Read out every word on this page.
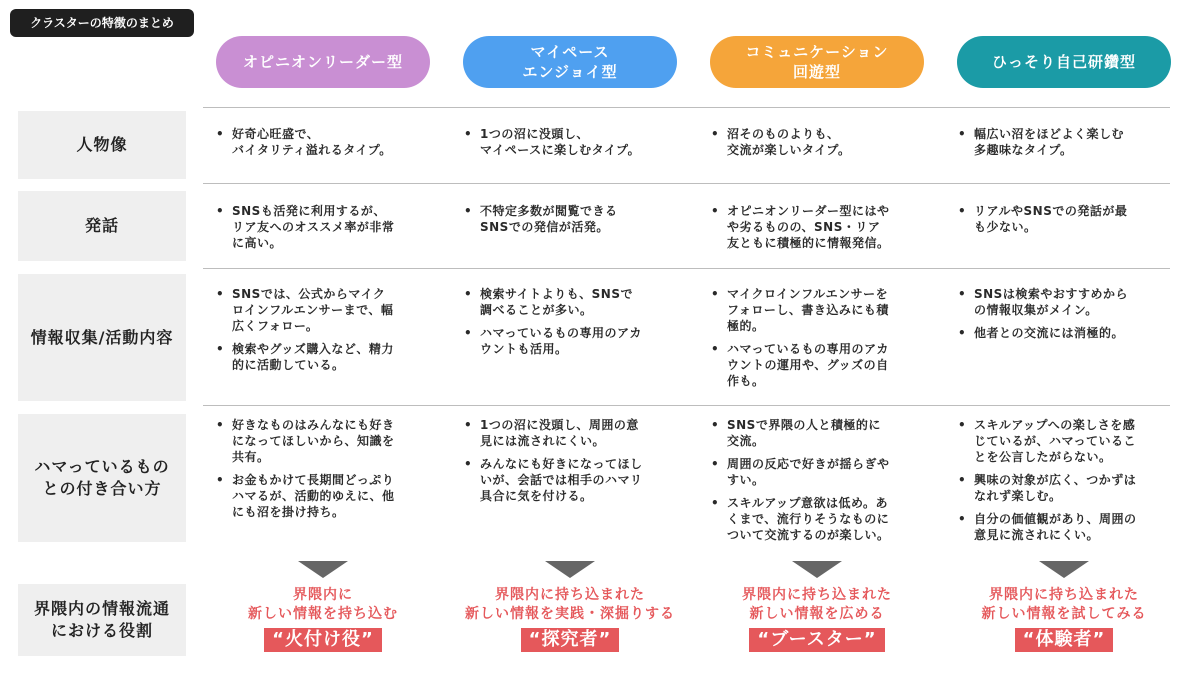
クラスターの特徴のまとめ
オピニオンリーダー型
マイペース
エンジョイ型
コミュニケーション
回遊型
ひっそり自己研鑽型
人物像
発話
情報収集/活動内容
ハマっているもの
との付き合い方
界隈内の情報流通
における役割
• 好奇心旺盛で、
バイタリティ溢れるタイプ。
• 1つの沼に没頭し、
マイペースに楽しむタイプ。
• 沼そのものよりも、
交流が楽しいタイプ。
• 幅広い沼をほどよく楽しむ
多趣味なタイプ。
• SNSも活発に利用するが、
リア友へのオススメ率が非常
に高い。
• 不特定多数が閲覧できる
SNSでの発信が活発。
• オピニオンリーダー型にはや
や劣るものの、SNS・リア
友ともに積極的に情報発信。
• リアルやSNSでの発話が最
も少ない。
• SNSでは、公式からマイク
ロインフルエンサーまで、幅
広くフォロー。
• 検索やグッズ購入など、精力
的に活動している。
• 検索サイトよりも、SNSで
調べることが多い。
• ハマっているもの専用のアカ
ウントも活用。
• マイクロインフルエンサーを
フォローし、書き込みにも積
極的。
• ハマっているもの専用のアカ
ウントの運用や、グッズの自
作も。
• SNSは検索やおすすめから
の情報収集がメイン。
• 他者との交流には消極的。
• 好きなものはみんなにも好き
になってほしいから、知識を
共有。
• お金もかけて長期間どっぷり
ハマるが、活動的ゆえに、他
にも沼を掛け持ち。
• 1つの沼に没頭し、周囲の意
見には流されにくい。
• みんなにも好きになってほし
いが、会話では相手のハマリ
具合に気を付ける。
• SNSで界隈の人と積極的に
交流。
• 周囲の反応で好きが揺らぎや
すい。
• スキルアップ意欲は低め。あ
くまで、流行りそうなものに
ついて交流するのが楽しい。
• スキルアップへの楽しさを感
じているが、ハマっているこ
とを公言したがらない。
• 興味の対象が広く、つかずは
なれず楽しむ。
• 自分の価値観があり、周囲の
意見に流されにくい。
界隈内に
新しい情報を持ち込む
“火付け役”
界隈内に持ち込まれた
新しい情報を実践・深掘りする
“探究者”
界隈内に持ち込まれた
新しい情報を広める
“ブースター”
界隈内に持ち込まれた
新しい情報を試してみる
“体験者”
